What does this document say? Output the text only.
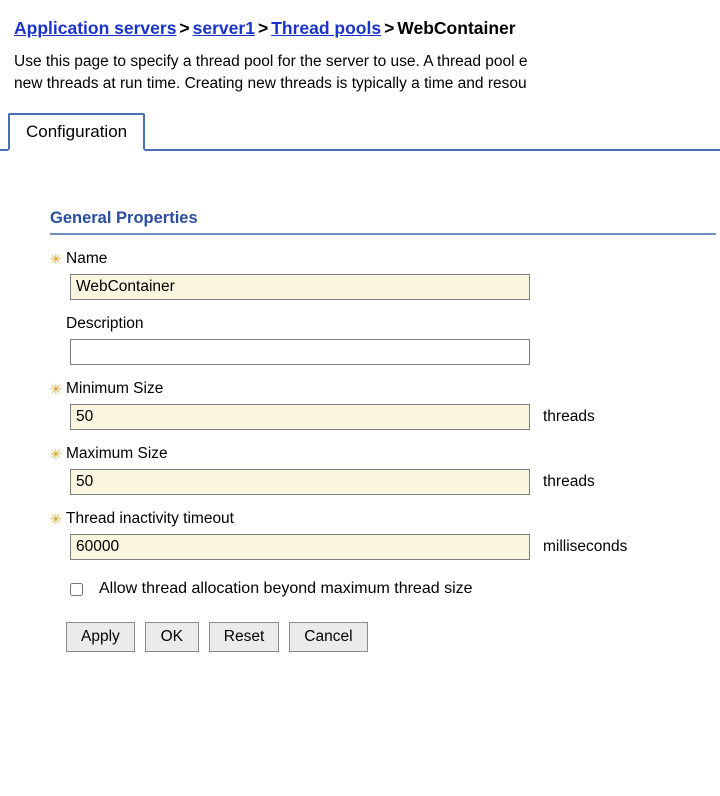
Application servers > server1 > Thread pools > WebContainer
Use this page to specify a thread pool for the server to use. A thread pool e
new threads at run time. Creating new threads is typically a time and resou
Configuration
General Properties
✳ Name
WebContainer
Description
✳ Minimum Size
50
threads
✳ Maximum Size
50
threads
✳ Thread inactivity timeout
60000
milliseconds
Allow thread allocation beyond maximum thread size
Apply	OK	Reset	Cancel
